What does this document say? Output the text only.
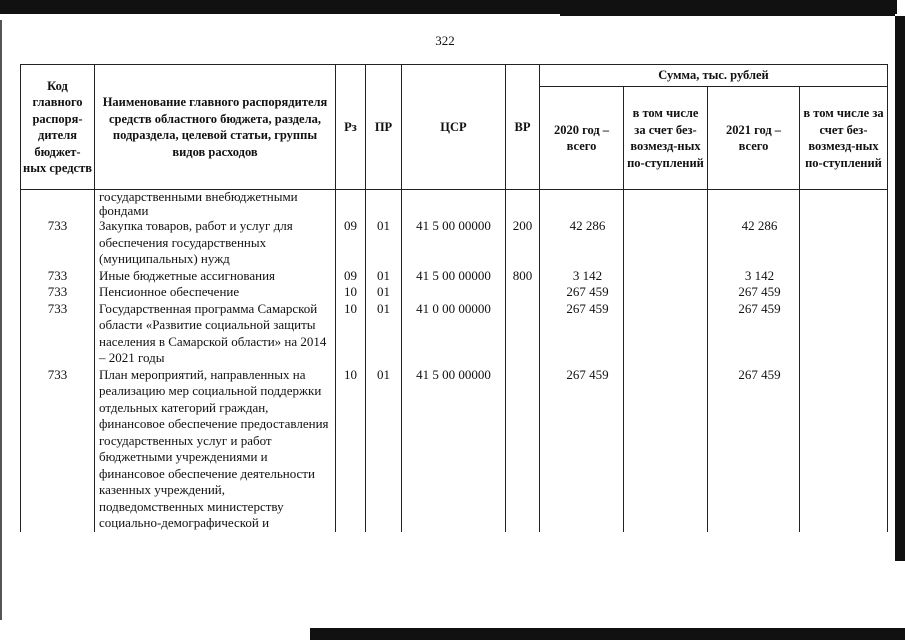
322
Код главного распоря-дителя бюджет-ных средств	Наименование главного распорядителя средств областного бюджета, раздела, подраздела, целевой статьи, группы видов расходов	Рз	ПР	ЦСР	ВР	Сумма, тыс. рублей			
						2020 год – всего	в том числе за счет без-возмезд-ных по-ступлений	2021 год – всего	в том числе за счет без-возмезд-ных по-ступлений
	государственными внебюджетными фондами								
733	Закупка товаров, работ и услуг для обеспечения государственных (муниципальных) нужд	09	01	41 5 00 00000	200	42 286		42 286	
733	Иные бюджетные ассигнования	09	01	41 5 00 00000	800	3 142		3 142	
733	Пенсионное обеспечение	10	01			267 459		267 459	
733	Государственная программа Самарской области «Развитие социальной защиты населения в Самарской области» на 2014 – 2021 годы	10	01	41 0 00 00000		267 459		267 459	
733	План мероприятий, направленных на реализацию мер социальной поддержки отдельных категорий граждан, финансовое обеспечение предоставления государственных услуг и работ бюджетными учреждениями и финансовое обеспечение деятельности казенных учреждений, подведомственных министерству социально-демографической и	10	01	41 5 00 00000		267 459		267 459	
